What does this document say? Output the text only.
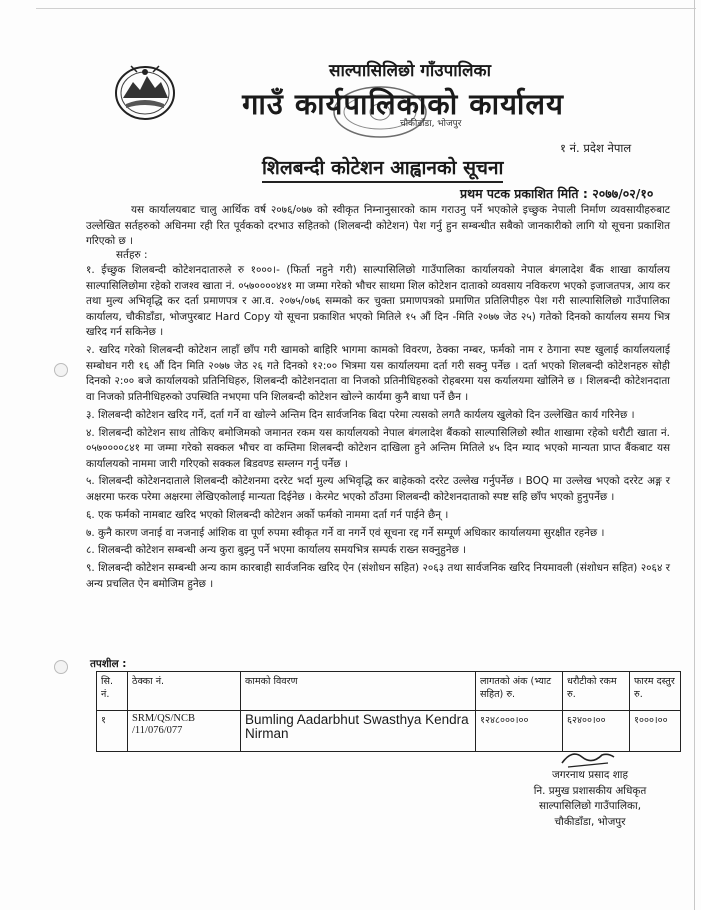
साल्पासिलिछो गाँउपालिका
गाउँ कार्यपालिकाको कार्यालय
चौकीडाँडा, भोजपुर
१ नं. प्रदेश नेपाल
शिलबन्दी कोटेशन आह्वानको सूचना
प्रथम पटक प्रकाशित मिति : २०७७/०२/१०
यस कार्यालयबाट चालु आर्थिक वर्ष २०७६/०७७ को स्वीकृत निम्नानुसारको काम गराउनु पर्ने भएकोले इच्छुक नेपाली निर्माण व्यवसायीहरुबाट उल्लेखित सर्तहरुको अधिनमा रही रित पूर्वकको दरभाउ सहितको (शिलबन्दी कोटेशन) पेश गर्नु हुन सम्बन्धीत सबैको जानकारीको लागि यो सूचना प्रकाशित गरिएको छ ।
सर्तहरु :
१. ईच्छुक शिलबन्दी कोटेशनदातारुले रु १०००।- (फिर्ता नहुने गरी) साल्पासिलिछो गाउँपालिका कार्यालयको नेपाल बंगलादेश बैंक शाखा कार्यालय साल्पासिलिछोमा रहेको राजश्व खाता नं. ०५७००००४४१ मा जम्मा गरेको भौचर साथमा शिल कोटेशन दाताको व्यवसाय नविकरण भएको इजाजतपत्र, आय कर तथा मुल्य अभिवृद्धि कर दर्ता प्रमाणपत्र र आ.व. २०७५/०७६ सम्मको कर चुक्ता प्रमाणपत्रको प्रमाणित प्रतिलिपीहरु पेश गरी साल्पासिलिछो गाउँपालिका कार्यालय, चौकीडाँडा, भोजपुरबाट Hard Copy यो सूचना प्रकाशित भएको मितिले १५ औं दिन -मिति २०७७ जेठ २५) गतेको दिनको कार्यालय समय भित्र खरिद गर्न सकिनेछ ।
२. खरिद गरेको शिलबन्दी कोटेशन लाहाँ छाँप गरी खामको बाहिरि भागमा कामको विवरण, ठेक्का नम्बर, फर्मको नाम र ठेगाना स्पष्ट खुलाई कार्यालयलाई सम्बोधन गरी १६ औं दिन मिति २०७७ जेठ २६ गते दिनको १२:०० भित्रमा यस कार्यालयमा दर्ता गरी सक्नु पर्नेछ । दर्ता भएको शिलबन्दी कोटेशनहरु सोही दिनको २:०० बजे कार्यालयको प्रतिनिधिहरु, शिलबन्दी कोटेशनदाता वा निजको प्रतिनीधिहरुको रोहबरमा यस कर्यालयमा खोलिने छ । शिलबन्दी कोटेशनदाता वा निजको प्रतिनीधिहरुको उपस्थिति नभएमा पनि शिलबन्दी कोटेशन खोल्ने कार्यमा कुनै बाधा पर्ने छैन ।
३. शिलबन्दी कोटेशन खरिद गर्ने, दर्ता गर्ने वा खोल्ने अन्तिम दिन सार्वजनिक बिदा परेमा त्यसको लगतै कार्यलय खुलेको दिन उल्लेखित कार्य गरिनेछ ।
४. शिलबन्दी कोटेशन साथ तोकिए बमोजिमको जमानत रकम यस कार्यालयको नेपाल बंगलादेश बैंकको साल्पासिलिछो स्थीत शाखामा रहेको धरौटी खाता नं. ०५७००००८४१ मा जम्मा गरेको सक्कल भौचर वा कम्तिमा शिलबन्दी कोटेशन दाखिला हुने अन्तिम मितिले ४५ दिन म्याद भएको मान्यता प्राप्त बैंकबाट यस कार्यालयको नाममा जारी गरिएको सक्कल बिडवण्ड सम्लग्न गर्नु पर्नेछ ।
५. शिलबन्दी कोटेशनदाताले शिलबन्दी कोटेशनमा दररेट भर्दा मुल्य अभिवृद्धि कर बाहेकको दररेट उल्लेख गर्नुपर्नेछ । BOQ मा उल्लेख भएको दररेट अङ्ग र अक्षरमा फरक परेमा अक्षरमा लेखिएकोलाई मान्यता दिईनेछ । केरमेट भएको ठाँउमा शिलबन्दी कोटेशनदाताको स्पष्ट सहि छाँप भएको हुनुपर्नेछ ।
६. एक फर्मको नामबाट खरिद भएको शिलबन्दी कोटेशन अर्को फर्मको नाममा दर्ता गर्न पाईने छैन् ।
७. कुनै कारण जनाई वा नजनाई आंशिक वा पूर्ण रुपमा स्वीकृत गर्ने वा नगर्ने एवं सूचना रद्द गर्ने सम्पूर्ण अधिकार कार्यालयमा सुरक्षीत रहनेछ ।
८. शिलबन्दी कोटेशन सम्बन्धी अन्य कुरा बुझ्नु पर्ने भएमा कार्यालय समयभित्र सम्पर्क राख्न सक्नुहुनेछ ।
९. शिलबन्दी कोटेशन सम्बन्धी अन्य काम कारबाही सार्वजनिक खरिद ऐन (संशोधन सहित) २०६३ तथा सार्वजनिक खरिद नियमावली (संशोधन सहित) २०६४ र अन्य प्रचलित ऐन बमोजिम हुनेछ ।
तपशील :
सि. नं.	ठेक्का नं.	कामको विवरण	लागतको अंक (भ्याट सहित) रु.	धरौटीको रकम रु.	फारम दस्तुर रु.
१	SRM/QS/NCB /11/076/077	Bumling Aadarbhut Swasthya Kendra Nirman	१२४८०००।००	६२४००।००	१०००।००
जगरनाथ प्रसाद शाह
नि. प्रमुख प्रशासकीय अधिकृत
साल्पासिलिछो गाउँपालिका,
चौकीडाँडा, भोजपुर
